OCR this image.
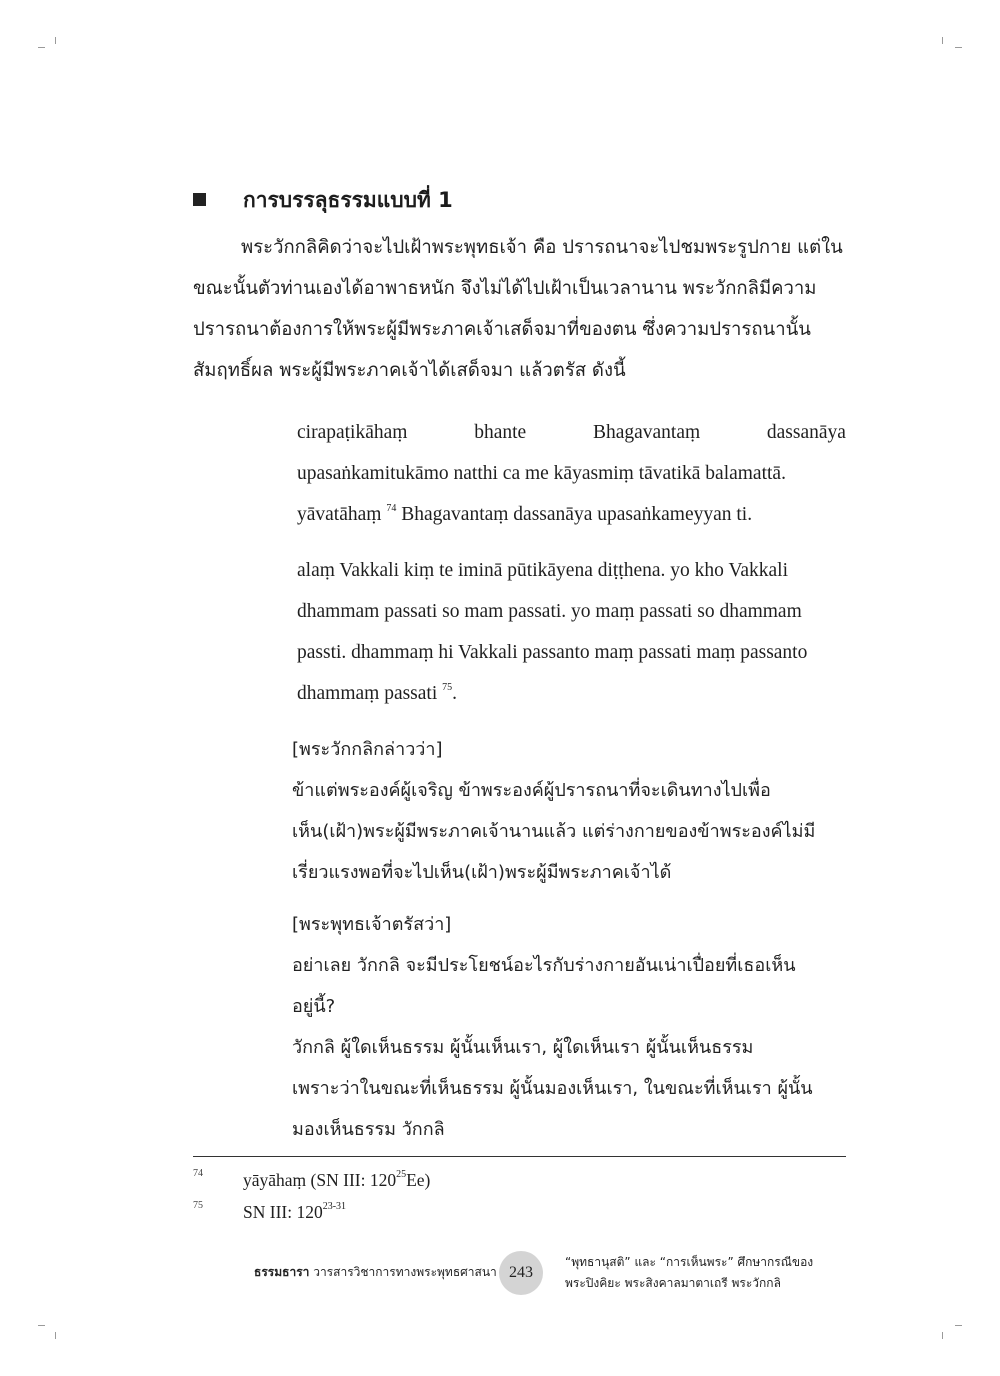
การบรรลุธรรมแบบที่ 1

พระวักกลิคิดว่าจะไปเฝ้าพระพุทธเจ้า คือ ปรารถนาจะไปชมพระรูปกาย แต่ใน
ขณะนั้นตัวท่านเองได้อาพาธหนัก จึงไม่ได้ไปเฝ้าเป็นเวลานาน พระวักกลิมีความ
ปรารถนาต้องการให้พระผู้มีพระภาคเจ้าเสด็จมาที่ของตน ซึ่งความปรารถนานั้น
สัมฤทธิ์ผล พระผู้มีพระภาคเจ้าได้เสด็จมา แล้วตรัส ดังนี้

cirapaṭikāhaṃ	bhante	Bhagavantaṃ	dassanāya
upasaṅkamitukāmo natthi ca me kāyasmiṃ tāvatikā balamattā.
yāvatāhaṃ $^{74}$ Bhagavantaṃ dassanāya upasaṅkameyyan ti.
alaṃ Vakkali kiṃ te iminā pūtikāyena diṭṭhena. yo kho Vakkali
dhammam passati so mam passati. yo maṃ passati so dhammam
passti. dhammaṃ hi Vakkali passanto maṃ passati maṃ passanto
dhammaṃ passati $^{75}$.
[พระวักกลิกล่าวว่า]
ข้าแต่พระองค์ผู้เจริญ ข้าพระองค์ผู้ปรารถนาที่จะเดินทางไปเพื่อ
เห็น(เฝ้า)พระผู้มีพระภาคเจ้านานแล้ว แต่ร่างกายของข้าพระองค์ไม่มี
เรี่ยวแรงพอที่จะไปเห็น(เฝ้า)พระผู้มีพระภาคเจ้าได้
[พระพุทธเจ้าตรัสว่า]
อย่าเลย วักกลิ จะมีประโยชน์อะไรกับร่างกายอันเน่าเปื่อยที่เธอเห็น
อยู่นี้?
วักกลิ ผู้ใดเห็นธรรม ผู้นั้นเห็นเรา, ผู้ใดเห็นเรา ผู้นั้นเห็นธรรม
เพราะว่าในขณะที่เห็นธรรม ผู้นั้นมองเห็นเรา, ในขณะที่เห็นเรา ผู้นั้น
มองเห็นธรรม วักกลิ
74 yāyāhaṃ (SN III: $120^{25}Ee$)
75 SN III: 120$^{23-31}$
ธรรมธารา วารสารวิชาการทางพระพุทธศาสนา 243
“พุทธานุสติ” และ “การเห็นพระ” ศึกษากรณีของ
พระปิงคิยะ พระสิงคาลมาตาเถรี พระวักกลิ
